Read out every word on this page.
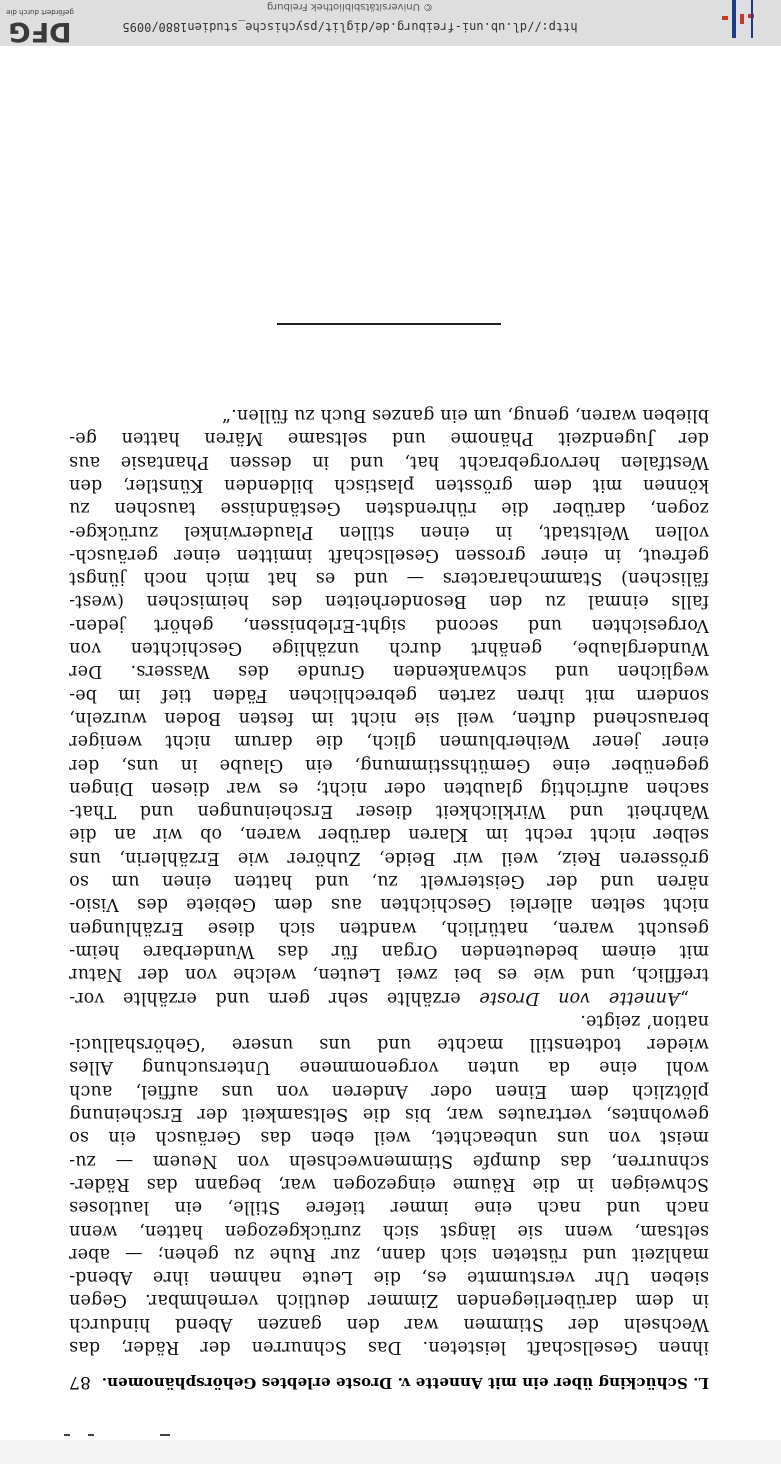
DFG
gefördert durch die	© Universitätsbibliothek Freiburg
http://dl.ub.uni-freiburg.de/diglit/psychische_studien1880/0095
L. Schücking über ein mit Annette v. Droste erlebtes Gehörsphänomen.
87
ihnen Gesellschaft leisteten. Das Schnurren der Räder, das
Wechseln der Stimmen war den ganzen Abend hindurch
in dem darüberliegenden Zimmer deutlich vernehmbar. Gegen
sieben Uhr verstummte es, die Leute nahmen ihre Abend-
mahlzeit und rüsteten sich dann, zur Ruhe zu gehen; — aber
seltsam, wenn sie längst sich zurückgezogen hatten, wenn
nach und nach eine immer tiefere Stille, ein lautloses
Schweigen in die Räume eingezogen war, begann das Räder-
schnurren, das dumpfe Stimmenwechseln von Neuem — zu-
meist von uns unbeachtet, weil eben das Geräusch ein so
gewohntes, vertrautes war, bis die Seltsamkeit der Erscheinung
plötzlich dem Einen oder Anderen von uns auffiel, auch
wohl eine da unten vorgenommene Untersuchung Alles
wieder todtenstill machte und uns unsere ‘Gehörshalluci-
nation’ zeigte.
„Annette von Droste erzählte sehr gern und erzählte vor-
trefflich, und wie es bei zwei Leuten, welche von der Natur
mit einem bedeutenden Organ für das Wunderbare heim-
gesucht waren, natürlich, wandten sich diese Erzählungen
nicht selten allerlei Geschichten aus dem Gebiete des Visio-
nären und der Geisterwelt zu, und hatten einen um so
grösseren Reiz, weil wir Beide, Zuhörer wie Erzählerin, uns
selber nicht recht im Klaren darüber waren, ob wir an die
Wahrheit und Wirklichkeit dieser Erscheinungen und That-
sachen aufrichtig glaubten oder nicht; es war diesen Dingen
gegenüber eine Gemüthsstimmung, ein Glaube in uns, der
einer jener Weiherblumen glich, die darum nicht weniger
berauschend duften, weil sie nicht im festen Boden wurzeln,
sondern mit ihren zarten gebrechlichen Fäden tief im be-
weglichen und schwankenden Grunde des Wassers. Der
Wunderglaube, genährt durch unzählige Geschichten von
Vorgesichten und second sight-Erlebnissen, gehört jeden-
falls einmal zu den Besonderheiten des heimischen (west-
fälischen) Stammcharacters — und es hat mich noch jüngst
gefreut, in einer grossen Gesellschaft inmitten einer geräusch-
vollen Weltstadt, in einen stillen Plauderwinkel zurückge-
zogen, darüber die rührendsten Geständnisse tauschen zu
können mit dem grössten plastisch bildenden Künstler, den
Westfalen hervorgebracht hat, und in dessen Phantasie aus
der Jugendzeit Phänome und seltsame Mären hatten ge-
blieben waren, genug, um ein ganzes Buch zu füllen.“
